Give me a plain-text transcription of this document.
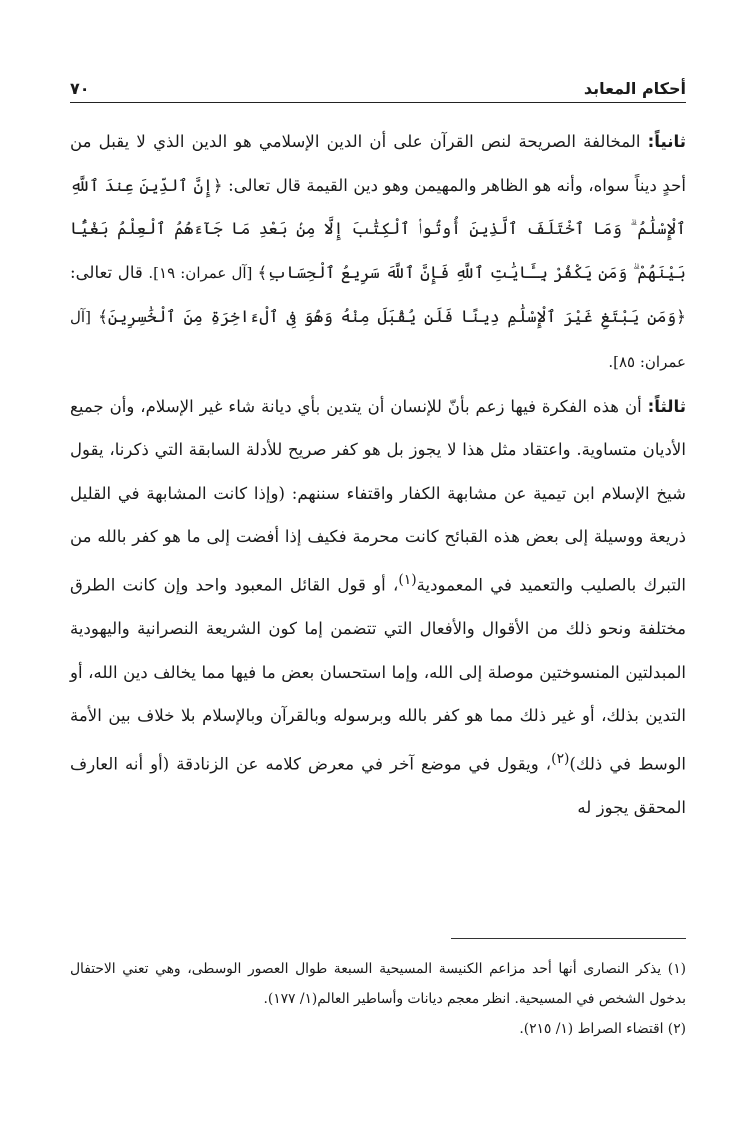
أحكام المعابد
٧٠

ثانياً: المخالفة الصريحة لنص القرآن على أن الدين الإسلامي هو الدين الذي لا يقبل من أحدٍ ديناً سواه، وأنه هو الظاهر والمهيمن وهو دين القيمة قال تعالى: ﴿إِنَّ ٱلدِّينَ عِندَ ٱللَّهِ ٱلْإِسْلَٰمُ ۗ وَمَا ٱخْتَلَفَ ٱلَّذِينَ أُوتُوا۟ ٱلْكِتَٰبَ إِلَّا مِنۢ بَعْدِ مَا جَآءَهُمُ ٱلْعِلْمُ بَغْيًۢا بَيْنَهُمْ ۗ وَمَن يَكْفُرْ بِـَٔايَٰتِ ٱللَّهِ فَإِنَّ ٱللَّهَ سَرِيعُ ٱلْحِسَابِ﴾ [آل عمران: ١٩]. قال تعالى: ﴿وَمَن يَبْتَغِ غَيْرَ ٱلْإِسْلَٰمِ دِينًا فَلَن يُقْبَلَ مِنْهُ وَهُوَ فِى ٱلْءَاخِرَةِ مِنَ ٱلْخَٰسِرِينَ﴾ [آل عمران: ٨٥].

ثالثاً: أن هذه الفكرة فيها زعم بأنّ للإنسان أن يتدين بأي ديانة شاء غير الإسلام، وأن جميع الأديان متساوية. واعتقاد مثل هذا لا يجوز بل هو كفر صريح للأدلة السابقة التي ذكرنا، يقول شيخ الإسلام ابن تيمية عن مشابهة الكفار واقتفاء سننهم: (وإذا كانت المشابهة في القليل ذريعة ووسيلة إلى بعض هذه القبائح كانت محرمة فكيف إذا أفضت إلى ما هو كفر بالله من التبرك بالصليب والتعميد في المعمودية$^{(١)}$، أو قول القائل المعبود واحد وإن كانت الطرق مختلفة ونحو ذلك من الأقوال والأفعال التي تتضمن إما كون الشريعة النصرانية واليهودية المبدلتين المنسوختين موصلة إلى الله، وإما استحسان بعض ما فيها مما يخالف دين الله، أو التدين بذلك، أو غير ذلك مما هو كفر بالله وبرسوله وبالقرآن وبالإسلام بلا خلاف بين الأمة الوسط في ذلك)$^{(٢)}$، ويقول في موضع آخر في معرض كلامه عن الزنادقة (أو أنه العارف المحقق يجوز له

(١) يذكر النصارى أنها أحد مزاعم الكنيسة المسيحية السبعة طوال العصور الوسطى، وهي تعني الاحتفال بدخول الشخص في المسيحية. انظر معجم ديانات وأساطير العالم(١/ ١٧٧).

(٢) اقتضاء الصراط (١/ ٢١٥).
